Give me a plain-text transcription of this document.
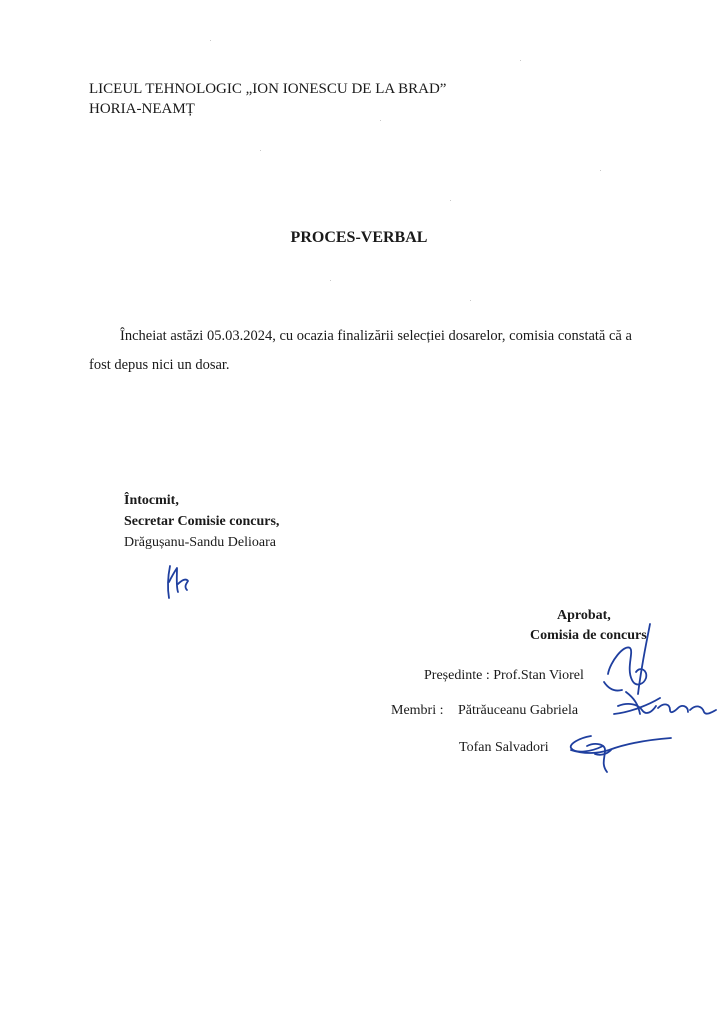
LICEUL TEHNOLOGIC „ION IONESCU DE LA BRAD”
HORIA-NEAMȚ
PROCES-VERBAL
Încheiat astăzi 05.03.2024, cu ocazia finalizării selecției dosarelor, comisia constată că a
fost depus nici un dosar.
Întocmit,
Secretar Comisie concurs,
Drăgușanu-Sandu Delioara
Aprobat,
Comisia de concurs
Președinte : Prof.Stan Viorel
Membri : Pătrăuceanu Gabriela
Tofan Salvadori
